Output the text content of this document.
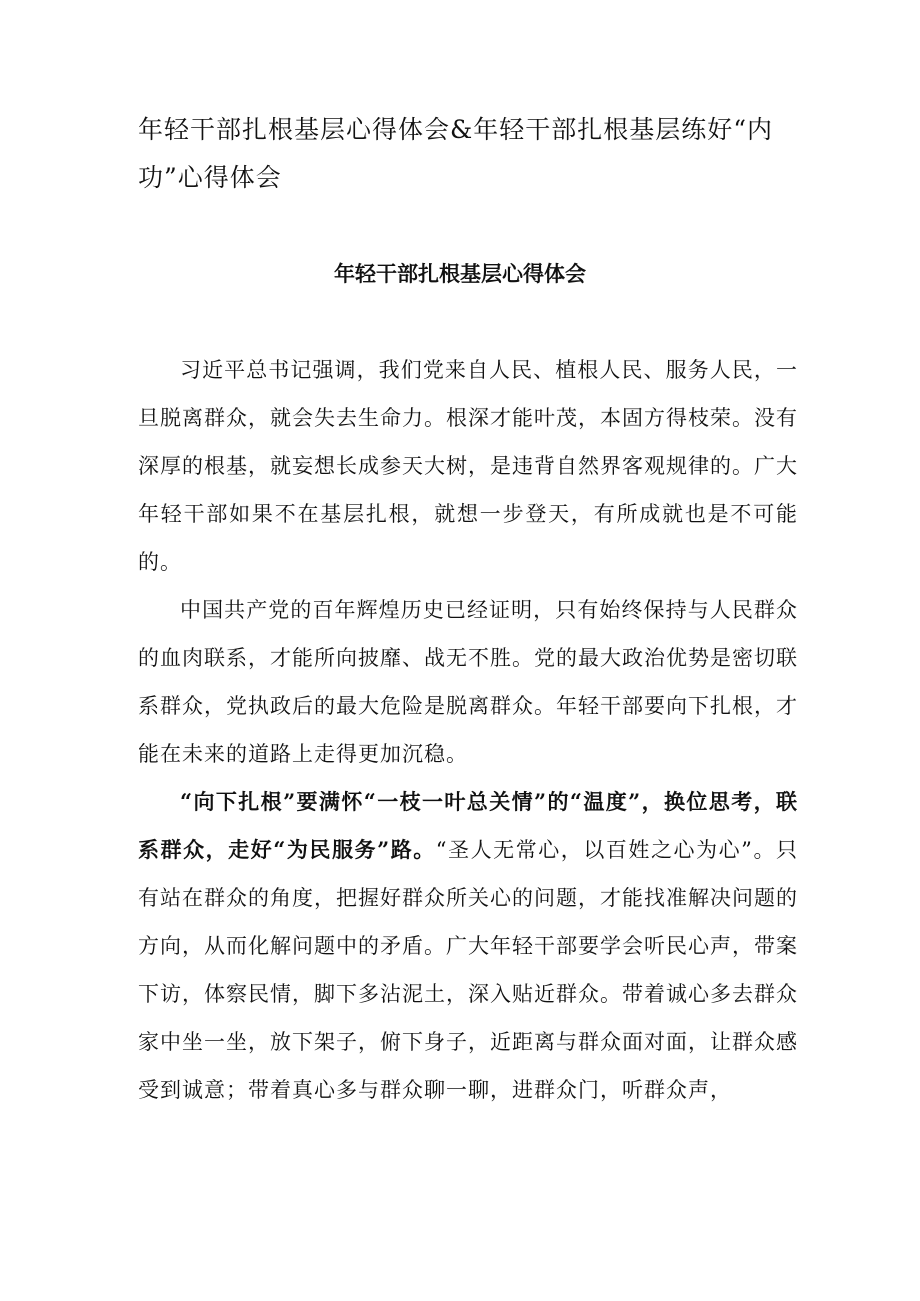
年轻干部扎根基层心得体会&年轻干部扎根基层练好“内功”心得体会
年轻干部扎根基层心得体会

习近平总书记强调，我们党来自人民、植根人民、服务人民，一旦脱离群众，就会失去生命力。根深才能叶茂，本固方得枝荣。没有深厚的根基，就妄想长成参天大树，是违背自然界客观规律的。广大年轻干部如果不在基层扎根，就想一步登天，有所成就也是不可能的。

中国共产党的百年辉煌历史已经证明，只有始终保持与人民群众的血肉联系，才能所向披靡、战无不胜。党的最大政治优势是密切联系群众，党执政后的最大危险是脱离群众。年轻干部要向下扎根，才能在未来的道路上走得更加沉稳。

“向下扎根”要满怀“一枝一叶总关情”的“温度”，换位思考，联系群众，走好“为民服务”路。“圣人无常心，以百姓之心为心”。只有站在群众的角度，把握好群众所关心的问题，才能找准解决问题的方向，从而化解问题中的矛盾。广大年轻干部要学会听民心声，带案下访，体察民情，脚下多沾泥土，深入贴近群众。带着诚心多去群众家中坐一坐，放下架子，俯下身子，近距离与群众面对面，让群众感受到诚意；带着真心多与群众聊一聊，进群众门，听群众声，
